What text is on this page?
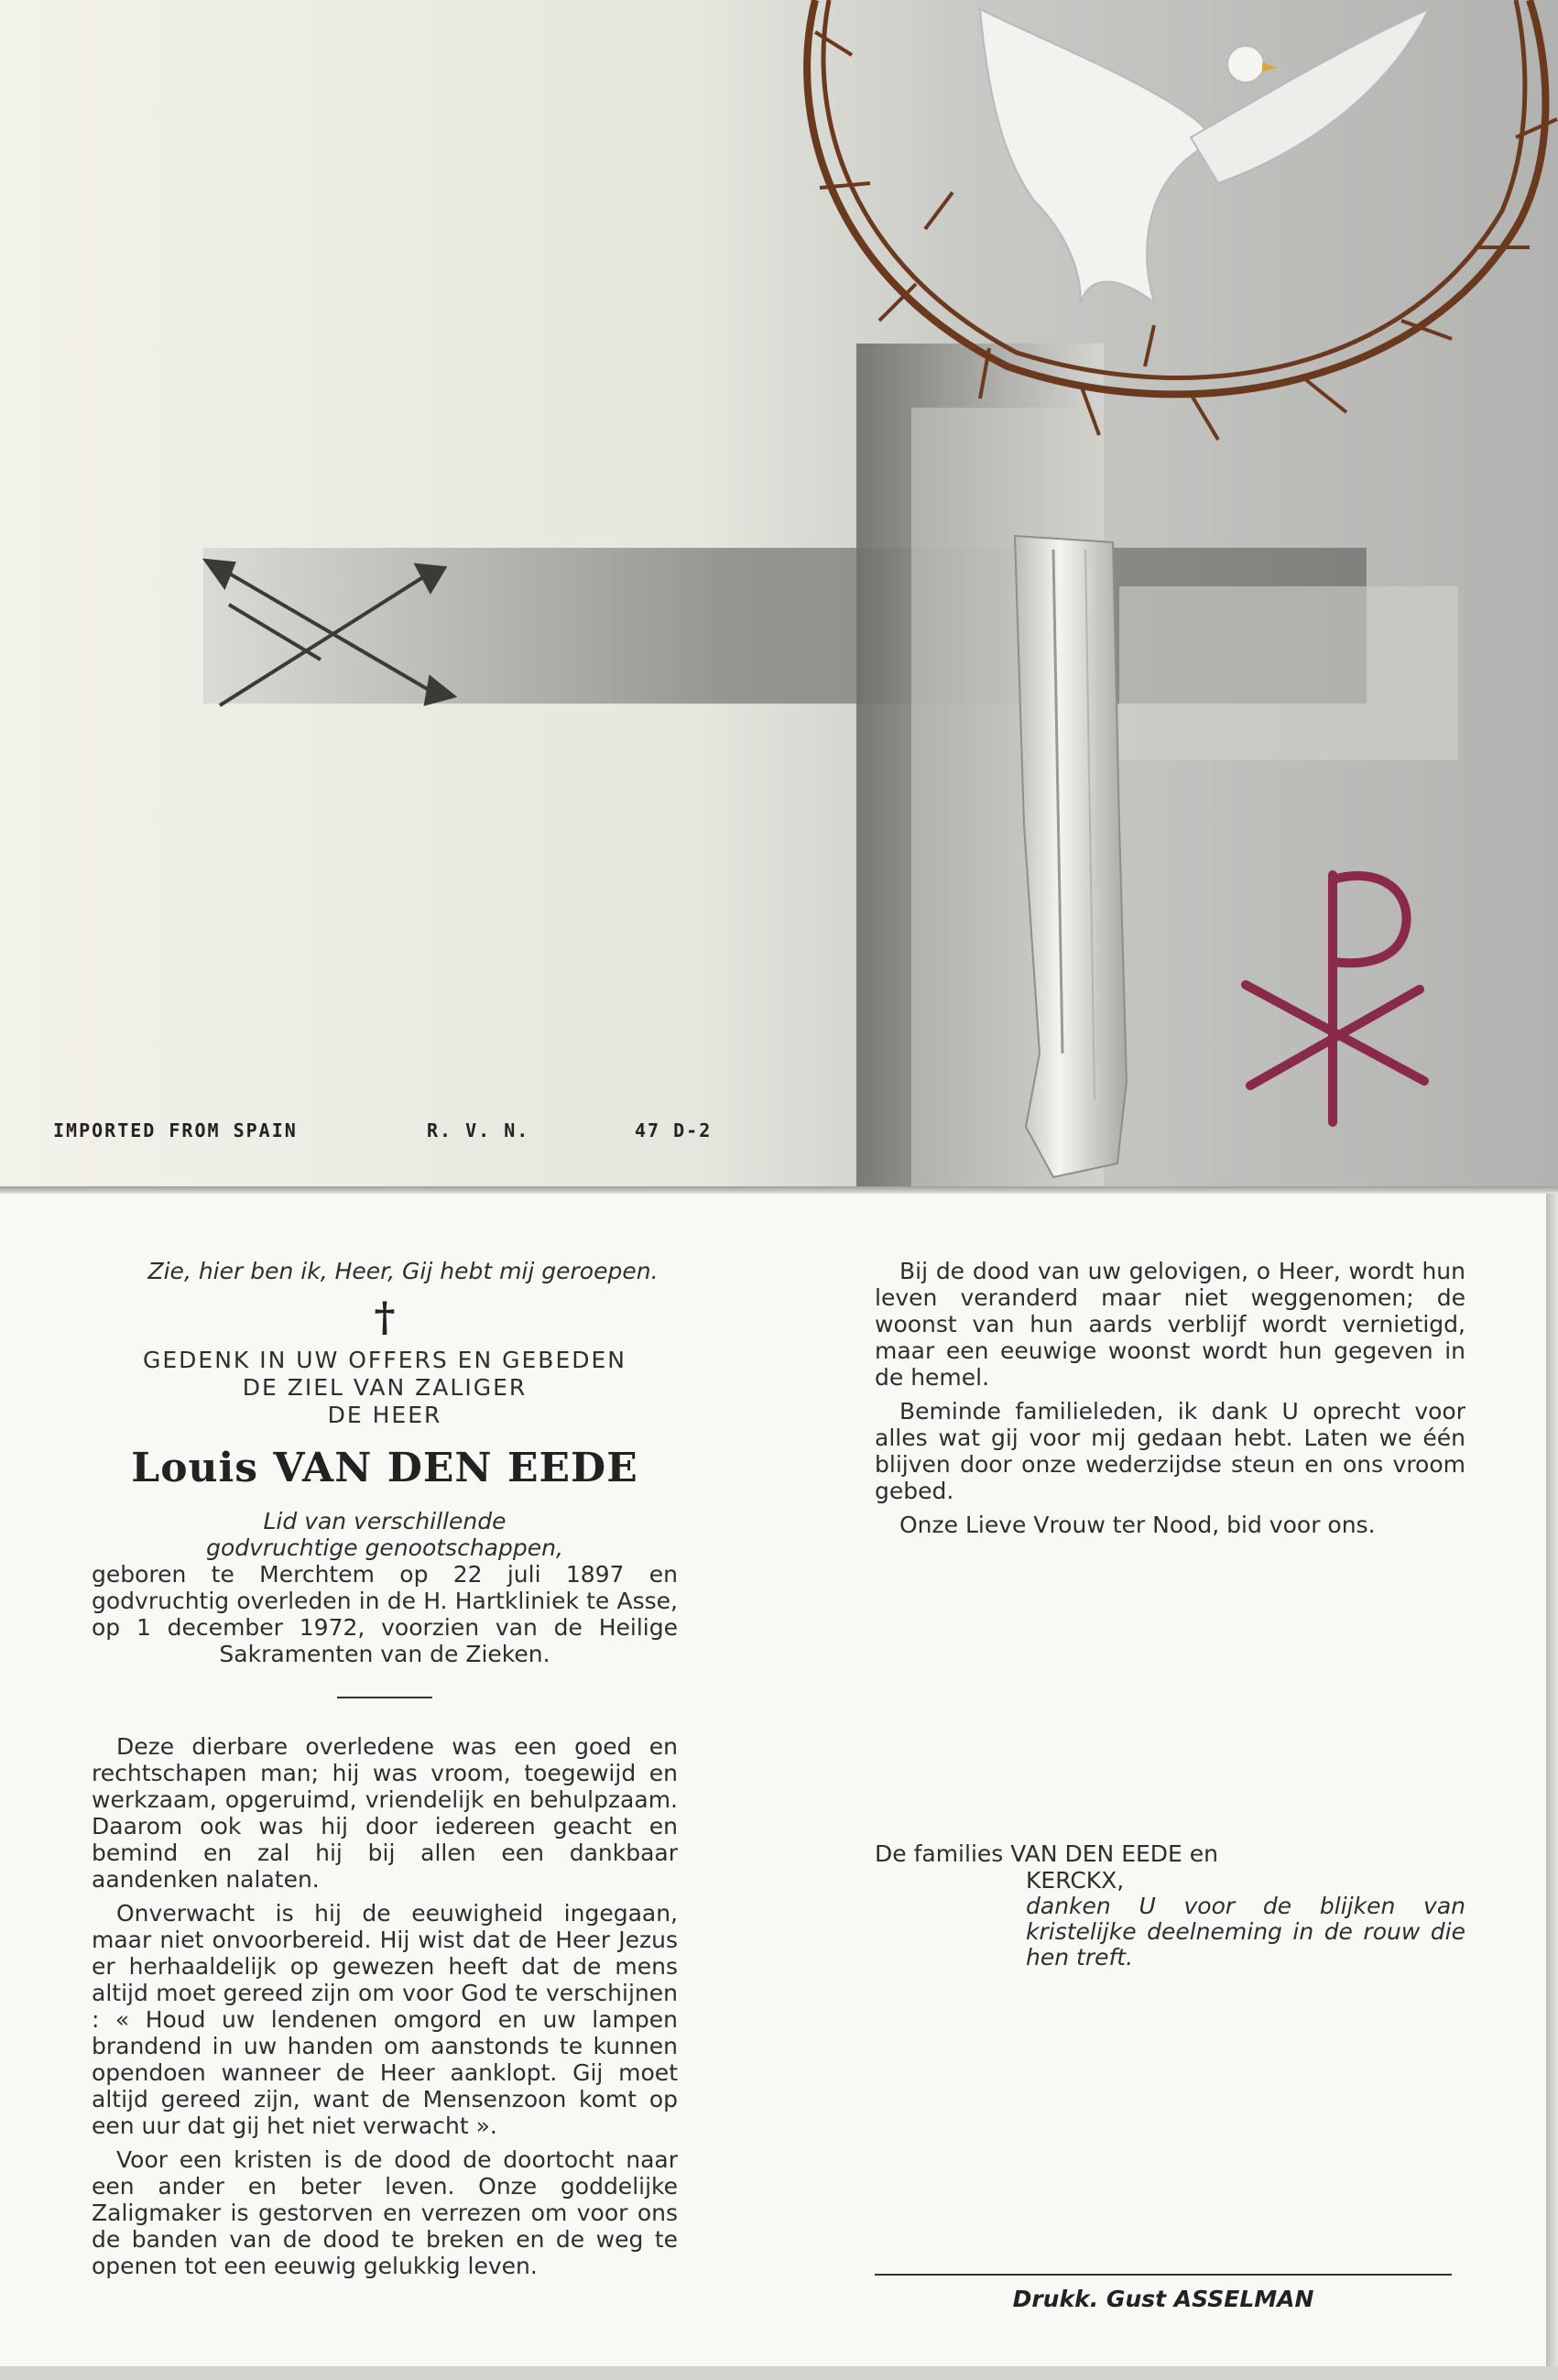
IMPORTED FROM SPAIN	R. V. N.	47 D-2

Zie, hier ben ik, Heer, Gij hebt mij geroepen.

†
GEDENK IN UW OFFERS EN GEBEDEN
DE ZIEL VAN ZALIGER
DE HEER
Louis VAN DEN EEDE
Lid van verschillende
godvruchtige genootschappen,

geboren te Merchtem op 22 juli 1897 en godvruchtig overleden in de H. Hartkliniek te Asse, op 1 december 1972, voorzien van de Heilige Sakramenten van de Zieken.

Deze dierbare overledene was een goed en rechtschapen man; hij was vroom, toegewijd en werkzaam, opgeruimd, vriendelijk en behulpzaam. Daarom ook was hij door iedereen geacht en bemind en zal hij bij allen een dankbaar aandenken nalaten.

Onverwacht is hij de eeuwigheid ingegaan, maar niet onvoorbereid. Hij wist dat de Heer Jezus er herhaaldelijk op gewezen heeft dat de mens altijd moet gereed zijn om voor God te verschijnen : « Houd uw lendenen omgord en uw lampen brandend in uw handen om aanstonds te kunnen opendoen wanneer de Heer aanklopt. Gij moet altijd gereed zijn, want de Mensenzoon komt op een uur dat gij het niet verwacht ».

Voor een kristen is de dood de doortocht naar een ander en beter leven. Onze goddelijke Zaligmaker is gestorven en verrezen om voor ons de banden van de dood te breken en de weg te openen tot een eeuwig gelukkig leven.

Bij de dood van uw gelovigen, o Heer, wordt hun leven veranderd maar niet weggenomen; de woonst van hun aards verblijf wordt vernietigd, maar een eeuwige woonst wordt hun gegeven in de hemel.

Beminde familieleden, ik dank U oprecht voor alles wat gij voor mij gedaan hebt. Laten we één blijven door onze wederzijdse steun en ons vroom gebed.

Onze Lieve Vrouw ter Nood, bid voor ons.

De families VAN DEN EEDE en
KERCKX,

danken U voor de blijken van kristelijke deelneming in de rouw die hen treft.

Drukk. Gust ASSELMAN
